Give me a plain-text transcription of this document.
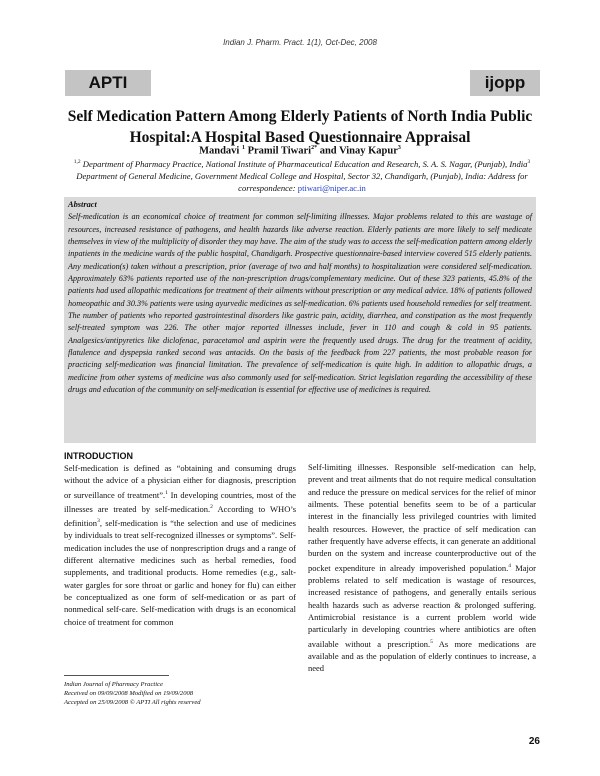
Indian J. Pharm. Pract. 1(1), Oct-Dec, 2008
APTI	ijopp
Self Medication Pattern Among Elderly Patients of North India Public Hospital:A Hospital Based Questionnaire Appraisal
Mandavi $^1$ Pramil Tiwari$^{2*}$ and Vinay Kapur$^3$
$^{1,2}$ Department of Pharmacy Practice, National Institute of Pharmaceutical Education and Research, S. A. S. Nagar, (Punjab), India$^3$ Department of General Medicine, Government Medical College and Hospital, Sector 32, Chandigarh, (Punjab), India: Address for correspondence: ptiwari@niper.ac.in
Abstract
Self-medication is an economical choice of treatment for common self-limiting illnesses. Major problems related to this are wastage of resources, increased resistance of pathogens, and health hazards like adverse reaction. Elderly patients are more likely to self medicate themselves in view of the multiplicity of disorder they may have. The aim of the study was to access the self-medication pattern among elderly inpatients in the medicine wards of the public hospital, Chandigarh. Prospective questionnaire-based interview covered 515 elderly patients. Any medication(s) taken without a prescription, prior (average of two and half months) to hospitalization were considered self-medication. Approximately 63% patients reported use of the non-prescription drugs/complementary medicine. Out of these 323 patients, 45.8% of the patients had used allopathic medications for treatment of their ailments without prescription or any medical advice. 18% of patients followed homeopathic and 30.3% patients were using ayurvedic medicines as self-medication. 6% patients used household remedies for self treatment. The number of patients who reported gastrointestinal disorders like gastric pain, acidity, diarrhea, and constipation as the most frequently self-treated symptom was 226. The other major reported illnesses include, fever in 110 and cough & cold in 95 patients. Analgesics/antipyretics like diclofenac, paracetamol and aspirin were the frequently used drugs. The drug for the treatment of acidity, flatulence and dyspepsia ranked second was antacids. On the basis of the feedback from 227 patients, the most probable reason for practicing self-medication was financial limitation. The prevalence of self-medication is quite high. In addition to allopathic drugs, a medicine from other systems of medicine was also commonly used for self-medication. Strict legislation regarding the accessibility of these drugs and education of the community on self-medication is essential for effective use of medicines is required.
INTRODUCTION
Self-medication is defined as “obtaining and consuming drugs without the advice of a physician either for diagnosis, prescription or surveillance of treatment”.$^1$ In developing countries, most of the illnesses are treated by self-medication.$^2$ According to WHO’s definition$^3$, self-medication is “the selection and use of medicines by individuals to treat self-recognized illnesses or symptoms”. Self-medication includes the use of nonprescription drugs and a range of different alternative medicines such as herbal remedies, food supplements, and traditional products. Home remedies (e.g., salt-water gargles for sore throat or garlic and honey for flu) can either be conceptualized as one form of self-medication or as part of nonmedical self-care. Self-medication with drugs is an economical choice of treatment for common
Self-limiting illnesses. Responsible self-medication can help, prevent and treat ailments that do not require medical consultation and reduce the pressure on medical services for the relief of minor ailments. These potential benefits seem to be of a particular interest in the financially less privileged countries with limited health resources. However, the practice of self medication can rather frequently have adverse effects, it can generate an additional burden on the system and increase counterproductive out of the pocket expenditure in already impoverished population.$^4$ Major problems related to self medication is wastage of resources, increased resistance of pathogens, and generally entails serious health hazards such as adverse reaction & prolonged suffering. Antimicrobial resistance is a current problem world wide particularly in developing countries where antibiotics are often available without a prescription.$^5$ As more medications are available and as the population of elderly continues to increase, a need
Indian Journal of Pharmacy Practice
Received on 09/09/2008 Modified on 19/09/2008
Accepted on 25/09/2008 © APTI All rights reserved
26
